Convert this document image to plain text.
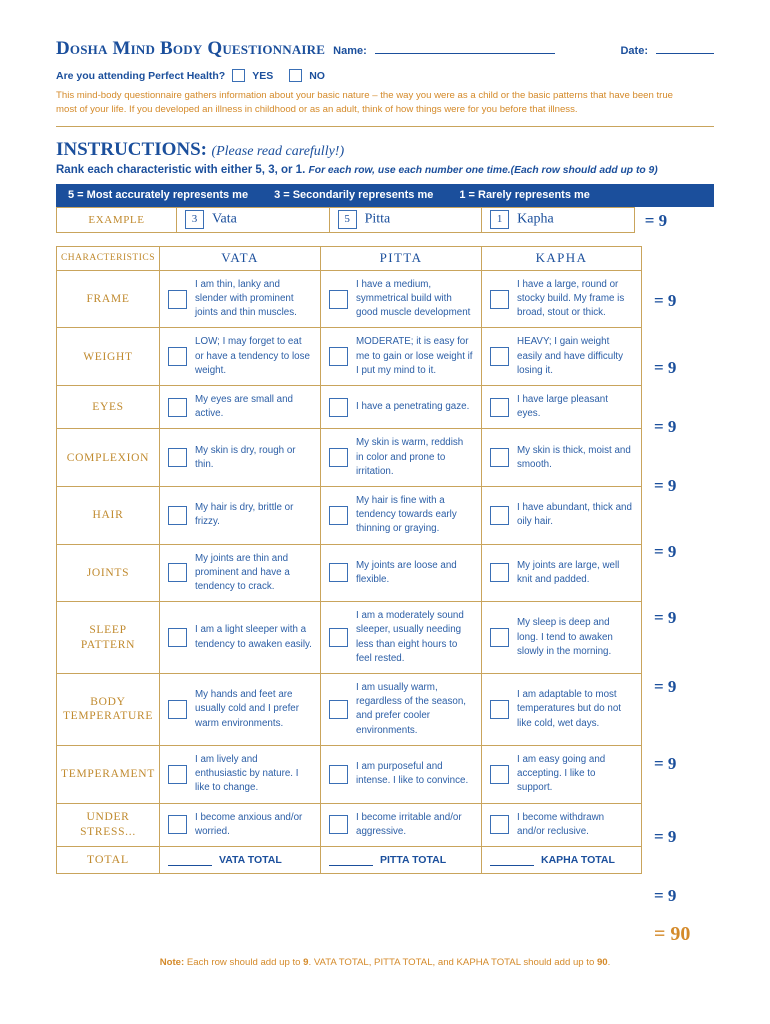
Dosha Mind Body Questionnaire Name:	Date:
Are you attending Perfect Health?	YES	NO
This mind-body questionnaire gathers information about your basic nature – the way you were as a child or the basic patterns that have been true most of your life. If you developed an illness in childhood or as an adult, think of how things were for you before that illness.
INSTRUCTIONS: (Please read carefully!)
Rank each characteristic with either 5, 3, or 1. For each row, use each number one time.(Each row should add up to 9)
5 = Most accurately represents me 3 = Secondarily represents me 1 = Rarely represents me
EXAMPLE	3 Vata	5 Pitta	1 Kapha	= 9
CHARACTERISTICS	VATA	PITTA	KAPHA
FRAME	I am thin, lanky and slender with prominent joints and thin muscles.	I have a medium, symmetrical build with good muscle development	I have a large, round or stocky build. My frame is broad, stout or thick.

WEIGHT	LOW; I may forget to eat or have a tendency to lose weight.	MODERATE; it is easy for me to gain or lose weight if I put my mind to it.	HEAVY; I gain weight easily and have difficulty losing it.

EYES	My eyes are small and active.	I have a penetrating gaze.	I have large pleasant eyes.

COMPLEXION	My skin is dry, rough or thin.	My skin is warm, reddish in color and prone to irritation.	My skin is thick, moist and smooth.

HAIR	My hair is dry, brittle or frizzy.	My hair is fine with a tendency towards early thinning or graying.	I have abundant, thick and oily hair.

JOINTS	My joints are thin and prominent and have a tendency to crack.	My joints are loose and flexible.	My joints are large, well knit and padded.

SLEEP PATTERN	I am a light sleeper with a tendency to awaken easily.	I am a moderately sound sleeper, usually needing less than eight hours to feel rested.	My sleep is deep and long. I tend to awaken slowly in the morning.

BODY TEMPERATURE	My hands and feet are usually cold and I prefer warm environments.	I am usually warm, regardless of the season, and prefer cooler environments.	I am adaptable to most temperatures but do not like cold, wet days.

TEMPERAMENT	I am lively and enthusiastic by nature. I like to change.	I am purposeful and intense. I like to convince.	I am easy going and accepting. I like to support.

UNDER STRESS...	I become anxious and/or worried.	I become irritable and/or aggressive.	I become withdrawn and/or reclusive.

TOTAL	VATA TOTAL	PITTA TOTAL	KAPHA TOTAL
= 9
= 9
= 9
= 9
= 9
= 9
= 9
= 9
= 9
= 9
= 90
Note: Each row should add up to 9. VATA TOTAL, PITTA TOTAL, and KAPHA TOTAL should add up to 90.
